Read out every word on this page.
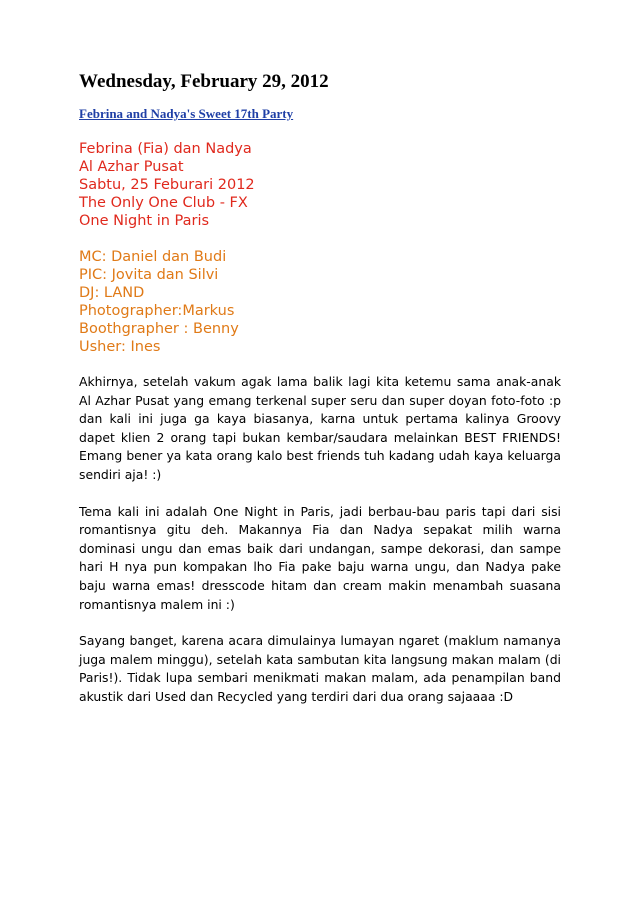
Wednesday, February 29, 2012
Febrina and Nadya's Sweet 17th Party
Febrina (Fia) dan Nadya
Al Azhar Pusat
Sabtu, 25 Feburari 2012
The Only One Club - FX
One Night in Paris
MC: Daniel dan Budi
PIC: Jovita dan Silvi
DJ: LAND
Photographer:Markus
Boothgrapher : Benny
Usher: Ines

Akhirnya, setelah vakum agak lama balik lagi kita ketemu sama anak-anak Al Azhar Pusat yang emang terkenal super seru dan super doyan foto-foto :p dan kali ini juga ga kaya biasanya, karna untuk pertama kalinya Groovy dapet klien 2 orang tapi bukan kembar/saudara melainkan BEST FRIENDS! Emang bener ya kata orang kalo best friends tuh kadang udah kaya keluarga sendiri aja! :)

Tema kali ini adalah One Night in Paris, jadi berbau-bau paris tapi dari sisi romantisnya gitu deh. Makannya Fia dan Nadya sepakat milih warna dominasi ungu dan emas baik dari undangan, sampe dekorasi, dan sampe hari H nya pun kompakan lho Fia pake baju warna ungu, dan Nadya pake baju warna emas! dresscode hitam dan cream makin menambah suasana romantisnya malem ini :)

Sayang banget, karena acara dimulainya lumayan ngaret (maklum namanya juga malem minggu), setelah kata sambutan kita langsung makan malam (di Paris!). Tidak lupa sembari menikmati makan malam, ada penampilan band akustik dari Used dan Recycled yang terdiri dari dua orang sajaaaa :D
